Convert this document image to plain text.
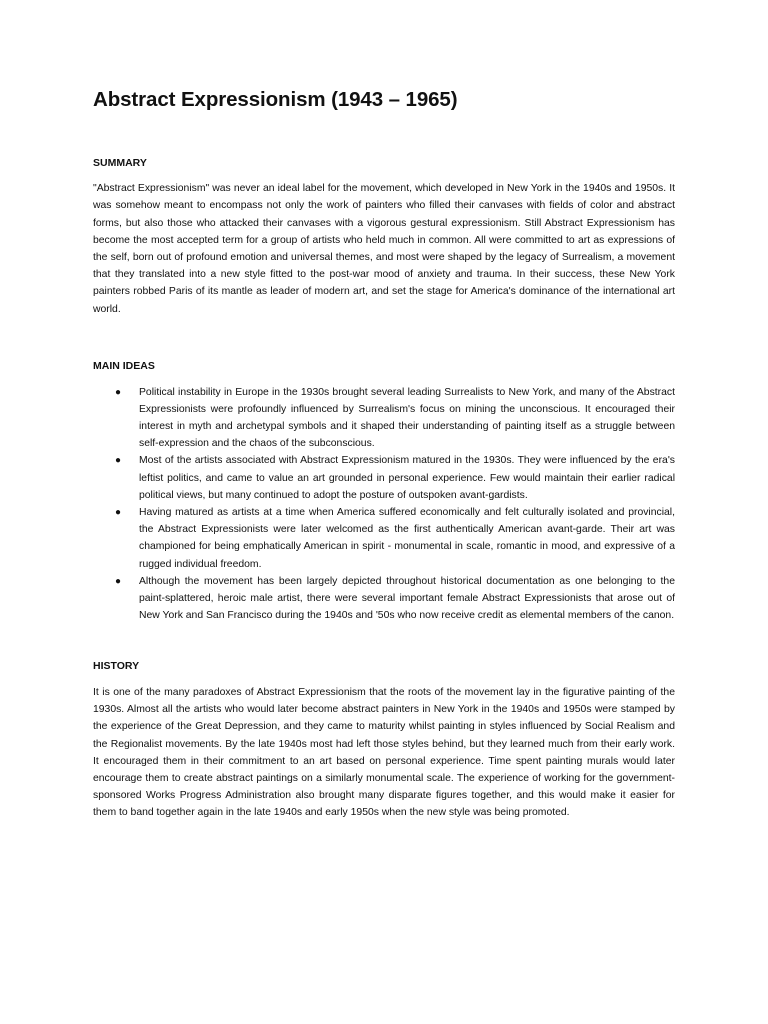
Abstract Expressionism (1943 – 1965)
SUMMARY

"Abstract Expressionism" was never an ideal label for the movement, which developed in New York in the 1940s and 1950s. It was somehow meant to encompass not only the work of painters who filled their canvases with fields of color and abstract forms, but also those who attacked their canvases with a vigorous gestural expressionism. Still Abstract Expressionism has become the most accepted term for a group of artists who held much in common. All were committed to art as expressions of the self, born out of profound emotion and universal themes, and most were shaped by the legacy of Surrealism, a movement that they translated into a new style fitted to the post-war mood of anxiety and trauma. In their success, these New York painters robbed Paris of its mantle as leader of modern art, and set the stage for America's dominance of the international art world.

MAIN IDEAS
● Political instability in Europe in the 1930s brought several leading Surrealists to New York, and many of the Abstract Expressionists were profoundly influenced by Surrealism's focus on mining the unconscious. It encouraged their interest in myth and archetypal symbols and it shaped their understanding of painting itself as a struggle between self-expression and the chaos of the subconscious.

● Most of the artists associated with Abstract Expressionism matured in the 1930s. They were influenced by the era's leftist politics, and came to value an art grounded in personal experience. Few would maintain their earlier radical political views, but many continued to adopt the posture of outspoken avant-gardists.

● Having matured as artists at a time when America suffered economically and felt culturally isolated and provincial, the Abstract Expressionists were later welcomed as the first authentically American avant-garde. Their art was championed for being emphatically American in spirit - monumental in scale, romantic in mood, and expressive of a rugged individual freedom.

● Although the movement has been largely depicted throughout historical documentation as one belonging to the paint-splattered, heroic male artist, there were several important female Abstract Expressionists that arose out of New York and San Francisco during the 1940s and '50s who now receive credit as elemental members of the canon.

HISTORY

It is one of the many paradoxes of Abstract Expressionism that the roots of the movement lay in the figurative painting of the 1930s. Almost all the artists who would later become abstract painters in New York in the 1940s and 1950s were stamped by the experience of the Great Depression, and they came to maturity whilst painting in styles influenced by Social Realism and the Regionalist movements. By the late 1940s most had left those styles behind, but they learned much from their early work. It encouraged them in their commitment to an art based on personal experience. Time spent painting murals would later encourage them to create abstract paintings on a similarly monumental scale. The experience of working for the government-sponsored Works Progress Administration also brought many disparate figures together, and this would make it easier for them to band together again in the late 1940s and early 1950s when the new style was being promoted.
